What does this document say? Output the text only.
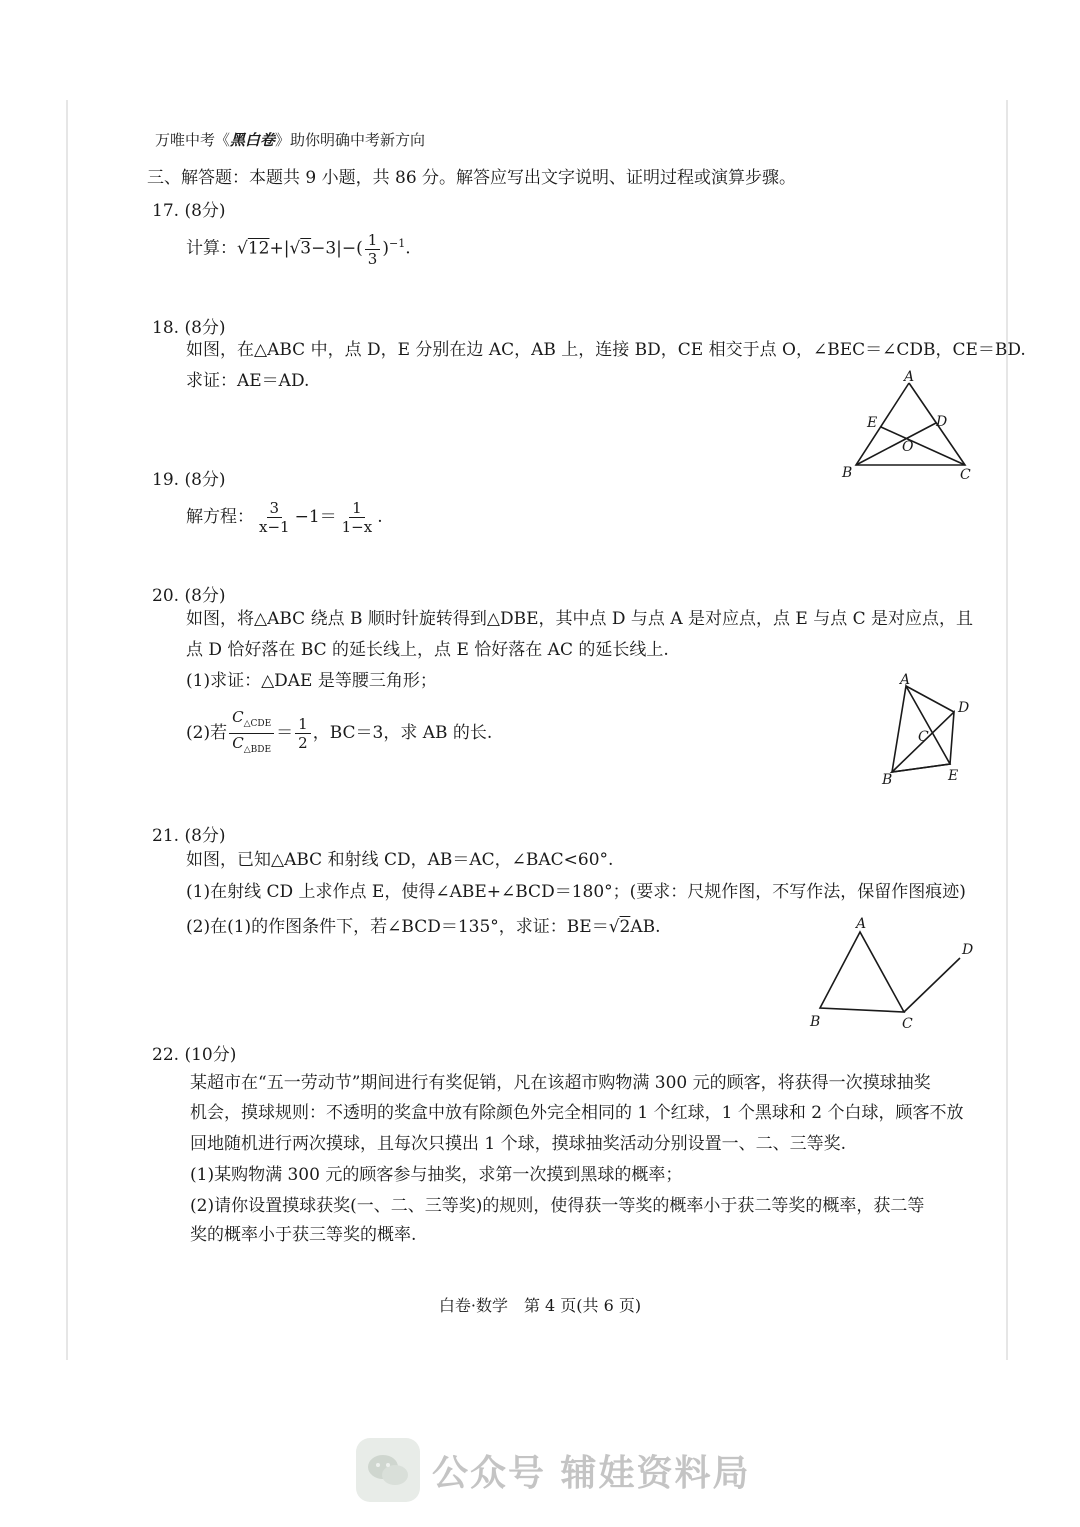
万唯中考《黑白卷》助你明确中考新方向
三、解答题：本题共 9 小题，共 86 分。解答应写出文字说明、证明过程或演算步骤。
17. (8分)
计算：$√12+|√3-3|-( \frac{1}{3} )^{-1}$.
18. (8分)
如图，在△ABC 中，点 D，E 分别在边 AC，AB 上，连接 BD，CE 相交于点 O，∠BEC＝∠CDB，CE＝BD.
求证：AE＝AD.	A
B	C
D
E
O
19. (8分)
解方程： $\frac{3}{x-1} -1= \frac{1}{1-x}$ .
20. (8分)
如图，将△ABC 绕点 B 顺时针旋转得到△DBE，其中点 D 与点 A 是对应点，点 E 与点 C 是对应点，且
点 D 恰好落在 BC 的延长线上，点 E 恰好落在 AC 的延长线上.
(1)求证：△DAE 是等腰三角形；
(2)若 $\frac{C_{\triangle CDE}}{C_{\triangle BDE}} = \frac{1}{2}$ ，BC＝3，求 AB 的长.
A
B
C
D
E
21. (8分)
如图，已知△ABC 和射线 CD，AB＝AC，∠BAC<60°.
(1)在射线 CD 上求作点 E，使得∠ABE+∠BCD＝180°；(要求：尺规作图，不写作法，保留作图痕迹)
(2)在(1)的作图条件下，若∠BCD＝135°，求证：BE＝√2AB.	A
B	C
D
22. (10分)
某超市在“五一劳动节”期间进行有奖促销，凡在该超市购物满 300 元的顾客，将获得一次摸球抽奖
机会，摸球规则：不透明的奖盒中放有除颜色外完全相同的 1 个红球，1 个黑球和 2 个白球，顾客不放
回地随机进行两次摸球，且每次只摸出 1 个球，摸球抽奖活动分别设置一、二、三等奖.
(1)某购物满 300 元的顾客参与抽奖，求第一次摸到黑球的概率；
(2)请你设置摸球获奖(一、二、三等奖)的规则，使得获一等奖的概率小于获二等奖的概率，获二等
奖的概率小于获三等奖的概率.
白卷·数学　第 4 页(共 6 页)
公众号 辅娃资料局
